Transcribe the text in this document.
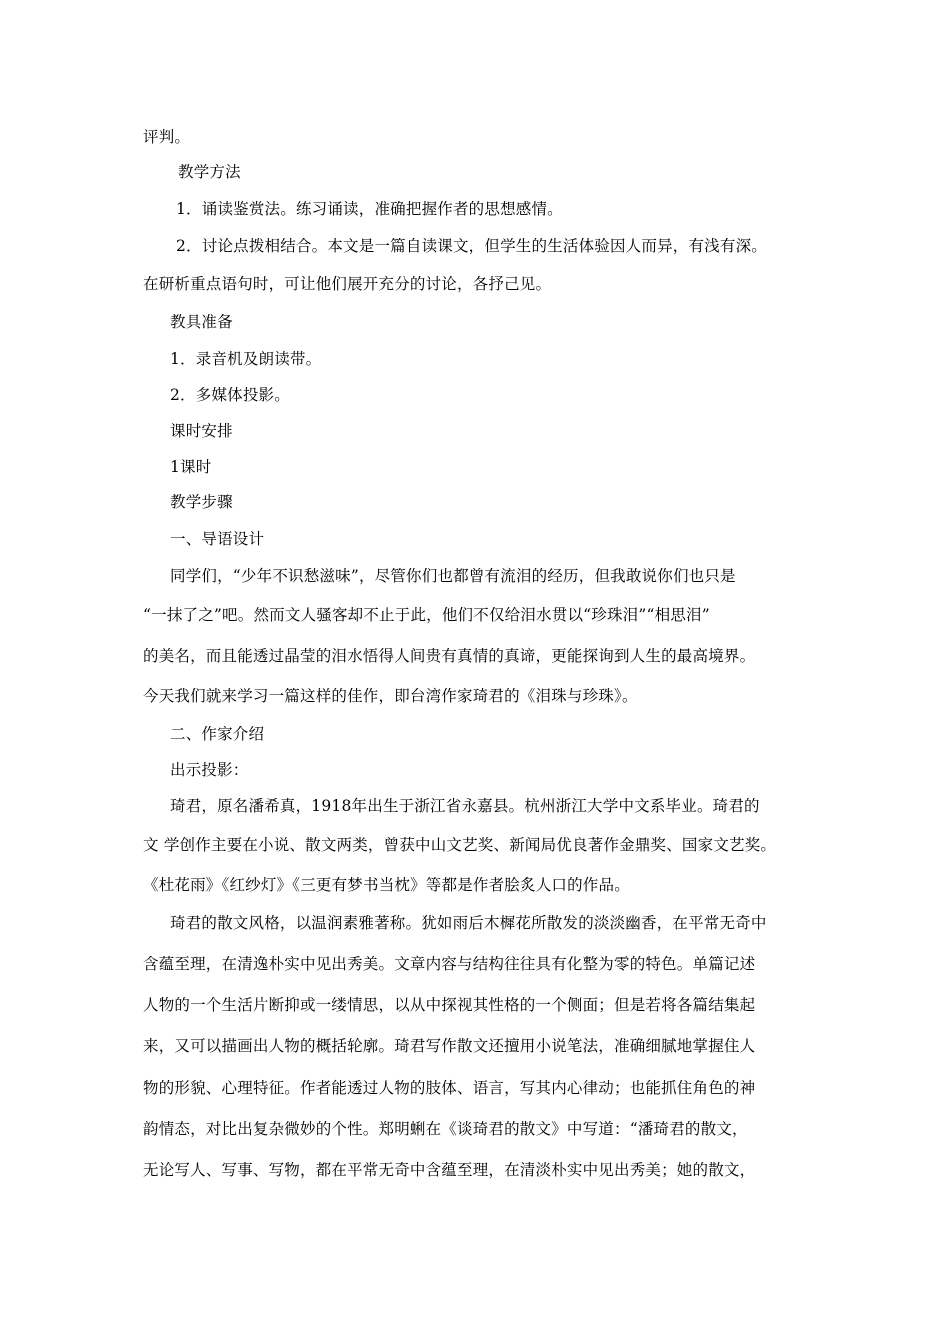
评判。
教学方法
1．诵读鉴赏法。练习诵读，准确把握作者的思想感情。
2．讨论点拨相结合。本文是一篇自读课文，但学生的生活体验因人而异，有浅有深。
在研析重点语句时，可让他们展开充分的讨论，各抒己见。
教具准备
1．录音机及朗读带。
2．多媒体投影。
课时安排
1课时
教学步骤
一、导语设计
同学们，“少年不识愁滋味”，尽管你们也都曾有流泪的经历，但我敢说你们也只是
“一抹了之”吧。然而文人骚客却不止于此，他们不仅给泪水贯以“珍珠泪”“相思泪”
的美名，而且能透过晶莹的泪水悟得人间贵有真情的真谛，更能探询到人生的最高境界。
今天我们就来学习一篇这样的佳作，即台湾作家琦君的《泪珠与珍珠》。
二、作家介绍
出示投影：
琦君，原名潘希真，1918年出生于浙江省永嘉县。杭州浙江大学中文系毕业。琦君的
文 学创作主要在小说、散文两类，曾获中山文艺奖、新闻局优良著作金鼎奖、国家文艺奖。
《杜花雨》《红纱灯》《三更有梦书当枕》等都是作者脍炙人口的作品。
琦君的散文风格，以温润素雅著称。犹如雨后木樨花所散发的淡淡幽香，在平常无奇中
含蕴至理，在清逸朴实中见出秀美。文章内容与结构往往具有化整为零的特色。单篇记述
人物的一个生活片断抑或一缕情思，以从中探视其性格的一个侧面；但是若将各篇结集起
来，又可以描画出人物的概括轮廓。琦君写作散文还擅用小说笔法，准确细腻地掌握住人
物的形貌、心理特征。作者能透过人物的肢体、语言，写其内心律动；也能抓住角色的神
韵情态，对比出复杂微妙的个性。郑明蜊在《谈琦君的散文》中写道：“潘琦君的散文，
无论写人、写事、写物，都在平常无奇中含蕴至理，在清淡朴实中见出秀美；她的散文，
